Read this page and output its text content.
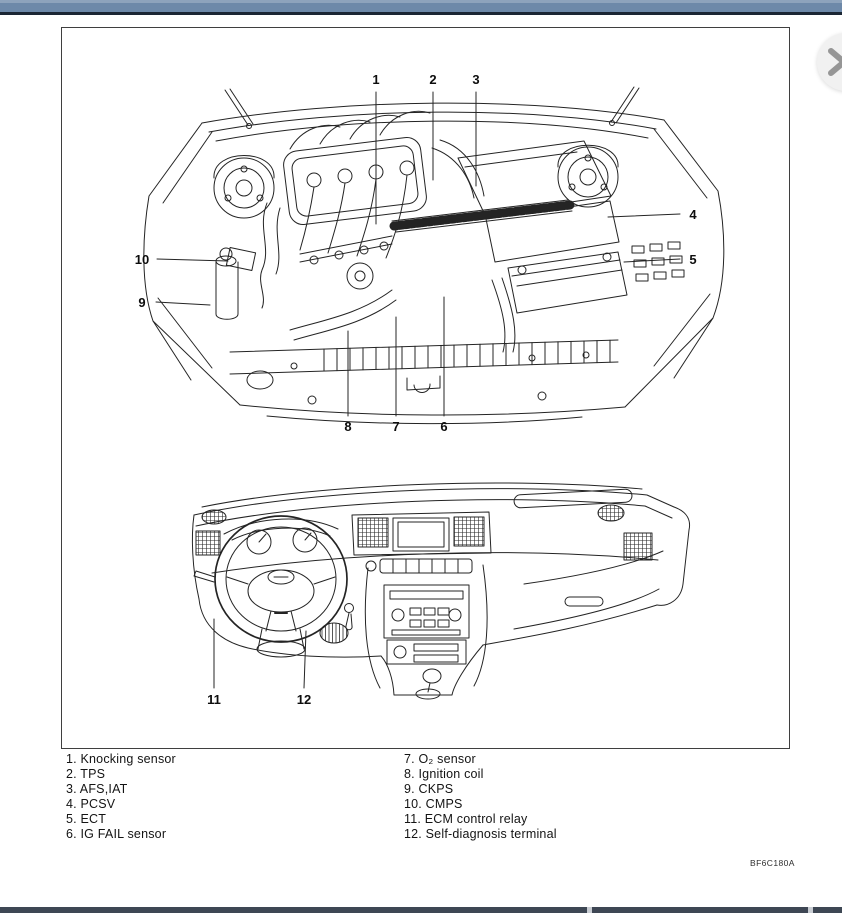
1	2	3
4
5
10
9
8	7	6
11	12
1. Knocking sensor
2. TPS
3. AFS,IAT
4. PCSV
5. ECT
6. IG FAIL sensor
7. O₂ sensor
8. Ignition coil
9. CKPS
10. CMPS
11. ECM control relay
12. Self-diagnosis terminal
BF6C180A
